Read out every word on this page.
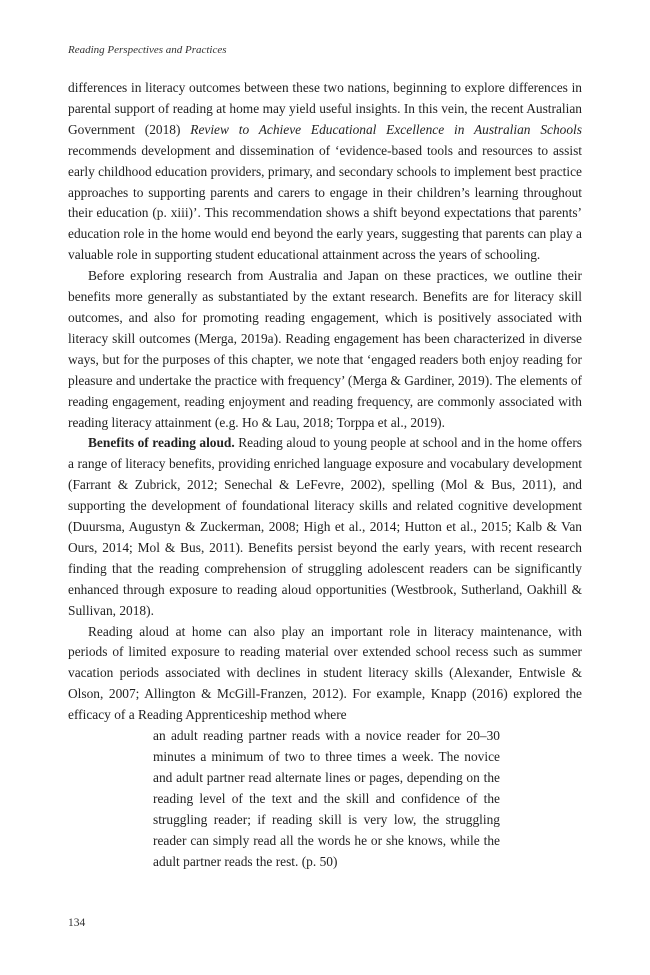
Reading Perspectives and Practices

differences in literacy outcomes between these two nations, beginning to explore differences in parental support of reading at home may yield useful insights. In this vein, the recent Australian Government (2018) Review to Achieve Educational Excellence in Australian Schools recommends development and dissemination of ‘evidence-based tools and resources to assist early childhood education providers, primary, and secondary schools to implement best practice approaches to supporting parents and carers to engage in their children’s learning throughout their education (p. xiii)’. This recommendation shows a shift beyond expectations that parents’ education role in the home would end beyond the early years, suggesting that parents can play a valuable role in supporting student educational attainment across the years of schooling.

Before exploring research from Australia and Japan on these practices, we outline their benefits more generally as substantiated by the extant research. Benefits are for literacy skill outcomes, and also for promoting reading engagement, which is positively associated with literacy skill outcomes (Merga, 2019a). Reading engagement has been characterized in diverse ways, but for the purposes of this chapter, we note that ‘engaged readers both enjoy reading for pleasure and undertake the practice with frequency’ (Merga & Gardiner, 2019). The elements of reading engagement, reading enjoyment and reading frequency, are commonly associated with reading literacy attainment (e.g. Ho & Lau, 2018; Torppa et al., 2019).

Benefits of reading aloud. Reading aloud to young people at school and in the home offers a range of literacy benefits, providing enriched language exposure and vocabulary development (Farrant & Zubrick, 2012; Senechal & LeFevre, 2002), spelling (Mol & Bus, 2011), and supporting the development of foundational literacy skills and related cognitive development (Duursma, Augustyn & Zuckerman, 2008; High et al., 2014; Hutton et al., 2015; Kalb & Van Ours, 2014; Mol & Bus, 2011). Benefits persist beyond the early years, with recent research finding that the reading comprehension of struggling adolescent readers can be significantly enhanced through exposure to reading aloud opportunities (Westbrook, Sutherland, Oakhill & Sullivan, 2018).

Reading aloud at home can also play an important role in literacy maintenance, with periods of limited exposure to reading material over extended school recess such as summer vacation periods associated with declines in student literacy skills (Alexander, Entwisle & Olson, 2007; Allington & McGill-Franzen, 2012). For example, Knapp (2016) explored the efficacy of a Reading Apprenticeship method where

an adult reading partner reads with a novice reader for 20–30 minutes a minimum of two to three times a week. The novice and adult partner read alternate lines or pages, depending on the reading level of the text and the skill and confidence of the struggling reader; if reading skill is very low, the struggling reader can simply read all the words he or she knows, while the adult partner reads the rest. (p. 50)

134
